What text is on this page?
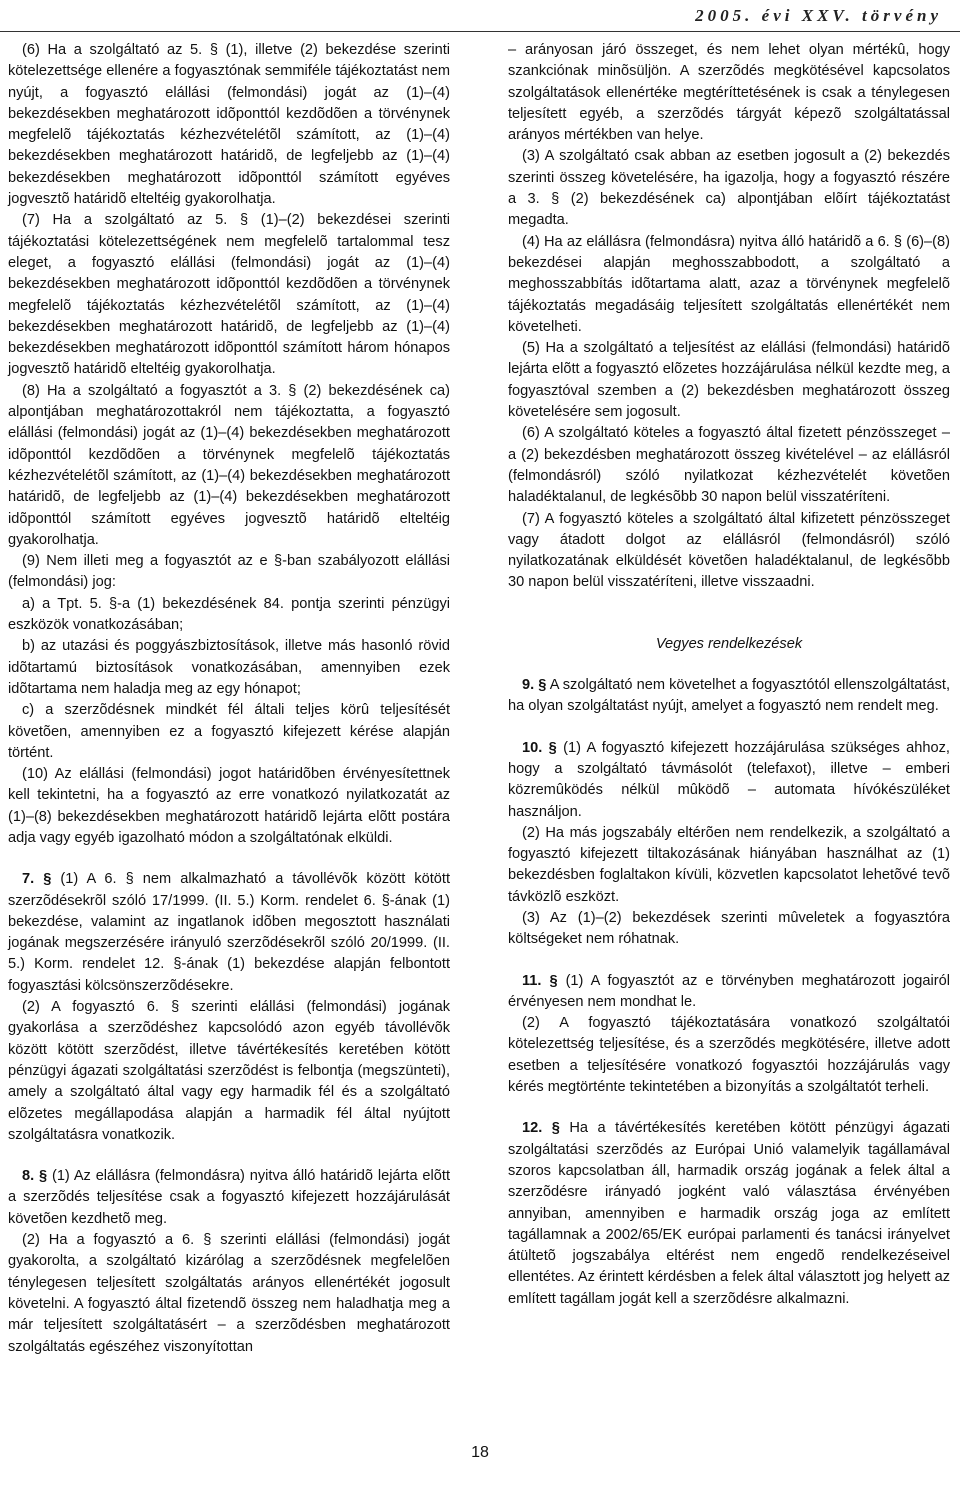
2005. évi XXV. törvény

(6) Ha a szolgáltató az 5. § (1), illetve (2) bekezdése szerinti kötelezettsége ellenére a fogyasztónak semmiféle tájékoztatást nem nyújt, a fogyasztó elállási (felmondási) jogát az (1)–(4) bekezdésekben meghatározott idõponttól kezdõdõen a törvénynek megfelelõ tájékoztatás kézhezvételétõl számított, az (1)–(4) bekezdésekben meghatározott határidõ, de legfeljebb az (1)–(4) bekezdésekben meghatározott idõponttól számított egyéves jogvesztõ határidõ elteltéig gyakorolhatja.

(7) Ha a szolgáltató az 5. § (1)–(2) bekezdései szerinti tájékoztatási kötelezettségének nem megfelelõ tartalommal tesz eleget, a fogyasztó elállási (felmondási) jogát az (1)–(4) bekezdésekben meghatározott idõponttól kezdõdõen a törvénynek megfelelõ tájékoztatás kézhezvételétõl számított, az (1)–(4) bekezdésekben meghatározott határidõ, de legfeljebb az (1)–(4) bekezdésekben meghatározott idõponttól számított három hónapos jogvesztõ határidõ elteltéig gyakorolhatja.

(8) Ha a szolgáltató a fogyasztót a 3. § (2) bekezdésének ca) alpontjában meghatározottakról nem tájékoztatta, a fogyasztó elállási (felmondási) jogát az (1)–(4) bekezdésekben meghatározott idõponttól kezdõdõen a törvénynek megfelelõ tájékoztatás kézhezvételétõl számított, az (1)–(4) bekezdésekben meghatározott határidõ, de legfeljebb az (1)–(4) bekezdésekben meghatározott idõponttól számított egyéves jogvesztõ határidõ elteltéig gyakorolhatja.

(9) Nem illeti meg a fogyasztót az e §-ban szabályozott elállási (felmondási) jog:

a) a Tpt. 5. §-a (1) bekezdésének 84. pontja szerinti pénzügyi eszközök vonatkozásában;

b) az utazási és poggyászbiztosítások, illetve más hasonló rövid idõtartamú biztosítások vonatkozásában, amennyiben ezek idõtartama nem haladja meg az egy hónapot;

c) a szerzõdésnek mindkét fél általi teljes körû teljesítését követõen, amennyiben ez a fogyasztó kifejezett kérése alapján történt.

(10) Az elállási (felmondási) jogot határidõben érvényesítettnek kell tekintetni, ha a fogyasztó az erre vonatkozó nyilatkozatát az (1)–(8) bekezdésekben meghatározott határidõ lejárta elõtt postára adja vagy egyéb igazolható módon a szolgáltatónak elküldi.

7. § (1) A 6. § nem alkalmazható a távollévõk között kötött szerzõdésekrõl szóló 17/1999. (II. 5.) Korm. rendelet 6. §-ának (1) bekezdése, valamint az ingatlanok idõben megosztott használati jogának megszerzésére irányuló szerzõdésekrõl szóló 20/1999. (II. 5.) Korm. rendelet 12. §-ának (1) bekezdése alapján felbontott fogyasztási kölcsönszerzõdésekre.

(2) A fogyasztó 6. § szerinti elállási (felmondási) jogának gyakorlása a szerzõdéshez kapcsolódó azon egyéb távollévõk között kötött szerzõdést, illetve távértékesítés keretében kötött pénzügyi ágazati szolgáltatási szerzõdést is felbontja (megszünteti), amely a szolgáltató által vagy egy harmadik fél és a szolgáltató elõzetes megállapodása alapján a harmadik fél által nyújtott szolgáltatásra vonatkozik.

8. § (1) Az elállásra (felmondásra) nyitva álló határidõ lejárta elõtt a szerzõdés teljesítése csak a fogyasztó kifejezett hozzájárulását követõen kezdhetõ meg.

(2) Ha a fogyasztó a 6. § szerinti elállási (felmondási) jogát gyakorolta, a szolgáltató kizárólag a szerzõdésnek megfelelõen ténylegesen teljesített szolgáltatás arányos ellenértékét jogosult követelni. A fogyasztó által fizetendõ összeg nem haladhatja meg a már teljesített szolgáltatásért – a szerzõdésben meghatározott szolgáltatás egészéhez viszonyítottan

– arányosan járó összeget, és nem lehet olyan mértékû, hogy szankciónak minõsüljön. A szerzõdés megkötésével kapcsolatos szolgáltatások ellenértéke megtéríttetésének is csak a ténylegesen teljesített egyéb, a szerzõdés tárgyát képezõ szolgáltatással arányos mértékben van helye.

(3) A szolgáltató csak abban az esetben jogosult a (2) bekezdés szerinti összeg követelésére, ha igazolja, hogy a fogyasztó részére a 3. § (2) bekezdésének ca) alpontjában elõírt tájékoztatást megadta.

(4) Ha az elállásra (felmondásra) nyitva álló határidõ a 6. § (6)–(8) bekezdései alapján meghosszabbodott, a szolgáltató a meghosszabbítás idõtartama alatt, azaz a törvénynek megfelelõ tájékoztatás megadásáig teljesített szolgáltatás ellenértékét nem követelheti.

(5) Ha a szolgáltató a teljesítést az elállási (felmondási) határidõ lejárta elõtt a fogyasztó elõzetes hozzájárulása nélkül kezdte meg, a fogyasztóval szemben a (2) bekezdésben meghatározott összeg követelésére sem jogosult.

(6) A szolgáltató köteles a fogyasztó által fizetett pénzösszeget – a (2) bekezdésben meghatározott összeg kivételével – az elállásról (felmondásról) szóló nyilatkozat kézhezvételét követõen haladéktalanul, de legkésõbb 30 napon belül visszatéríteni.

(7) A fogyasztó köteles a szolgáltató által kifizetett pénzösszeget vagy átadott dolgot az elállásról (felmondásról) szóló nyilatkozatának elküldését követõen haladéktalanul, de legkésõbb 30 napon belül visszatéríteni, illetve visszaadni.

Vegyes rendelkezések

9. § A szolgáltató nem követelhet a fogyasztótól ellenszolgáltatást, ha olyan szolgáltatást nyújt, amelyet a fogyasztó nem rendelt meg.

10. § (1) A fogyasztó kifejezett hozzájárulása szükséges ahhoz, hogy a szolgáltató távmásolót (telefaxot), illetve – emberi közremûködés nélkül mûködõ – automata hívókészüléket használjon.

(2) Ha más jogszabály eltérõen nem rendelkezik, a szolgáltató a fogyasztó kifejezett tiltakozásának hiányában használhat az (1) bekezdésben foglaltakon kívüli, közvetlen kapcsolatot lehetõvé tevõ távközlõ eszközt.

(3) Az (1)–(2) bekezdések szerinti mûveletek a fogyasztóra költségeket nem róhatnak.

11. § (1) A fogyasztót az e törvényben meghatározott jogairól érvényesen nem mondhat le.

(2) A fogyasztó tájékoztatására vonatkozó szolgáltatói kötelezettség teljesítése, és a szerzõdés megkötésére, illetve adott esetben a teljesítésére vonatkozó fogyasztói hozzájárulás vagy kérés megtörténte tekintetében a bizonyítás a szolgáltatót terheli.

12. § Ha a távértékesítés keretében kötött pénzügyi ágazati szolgáltatási szerzõdés az Európai Unió valamelyik tagállamával szoros kapcsolatban áll, harmadik ország jogának a felek által a szerzõdésre irányadó jogként való választása érvényében annyiban, amennyiben e harmadik ország joga az említett tagállamnak a 2002/65/EK európai parlamenti és tanácsi irányelvet átültetõ jogszabálya eltérést nem engedõ rendelkezéseivel ellentétes. Az érintett kérdésben a felek által választott jog helyett az említett tagállam jogát kell a szerzõdésre alkalmazni.

18
